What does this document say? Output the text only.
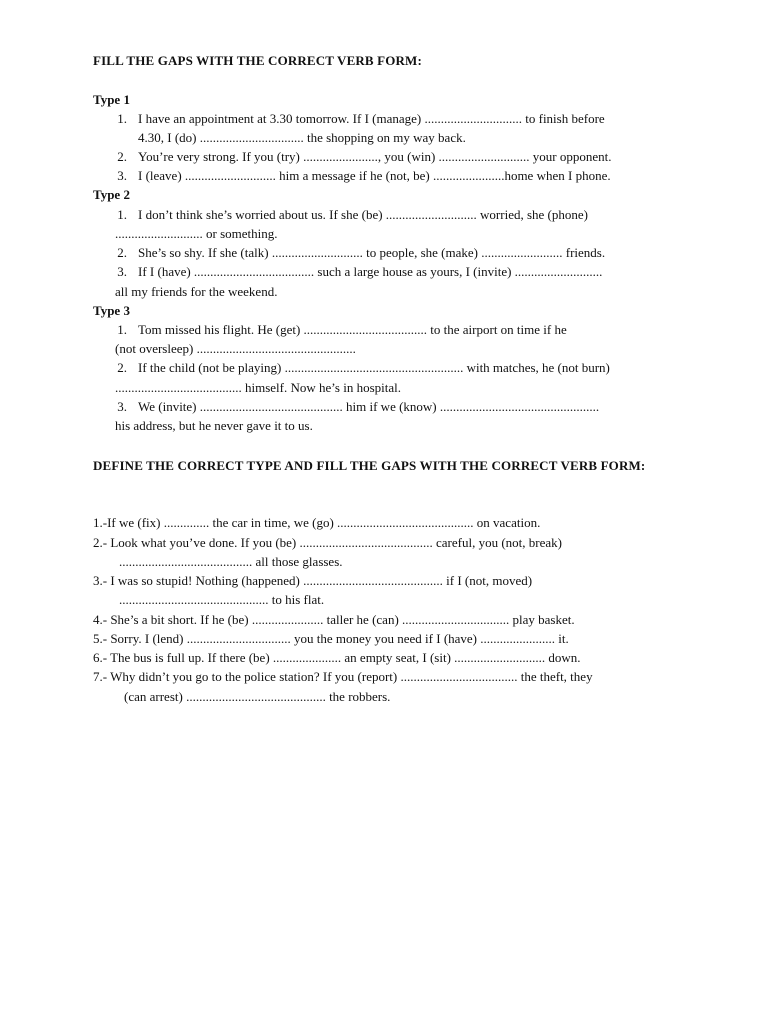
FILL THE GAPS WITH THE CORRECT VERB FORM:
Type 1
1. I have an appointment at 3.30 tomorrow. If I (manage) .............................. to finish before
4.30, I (do) ................................ the shopping on my way back.
2. You’re very strong. If you (try) ......................., you (win) ............................ your opponent.
3. I (leave) ............................ him a message if he (not, be) ......................home when I phone.
Type 2
1. I don’t think she’s worried about us. If she (be) ............................ worried, she (phone)
........................... or something.
2. She’s so shy. If she (talk) ............................ to people, she (make) ......................... friends.
3. If I (have) ..................................... such a large house as yours, I (invite) ...........................
all my friends for the weekend.
Type 3
1. Tom missed his flight. He (get) ...................................... to the airport on time if he
(not oversleep) .................................................
2. If the child (not be playing) ....................................................... with matches, he (not burn)
....................................... himself. Now he’s in hospital.
3. We (invite) ............................................ him if we (know) .................................................
his address, but he never gave it to us.
DEFINE THE CORRECT TYPE AND FILL THE GAPS WITH THE CORRECT VERB FORM:
1.-If we (fix) .............. the car in time, we (go) .......................................... on vacation.
2.- Look what you’ve done. If you (be) ......................................... careful, you (not, break)
......................................... all those glasses.
3.- I was so stupid! Nothing (happened) ........................................... if I (not, moved)
.............................................. to his flat.
4.- She’s a bit short. If he (be) ...................... taller he (can) ................................. play basket.
5.- Sorry. I (lend) ................................ you the money you need if I (have) ....................... it.
6.- The bus is full up. If there (be) ..................... an empty seat, I (sit) ............................ down.
7.- Why didn’t you go to the police station? If you (report) .................................... the theft, they
(can arrest) ........................................... the robbers.
